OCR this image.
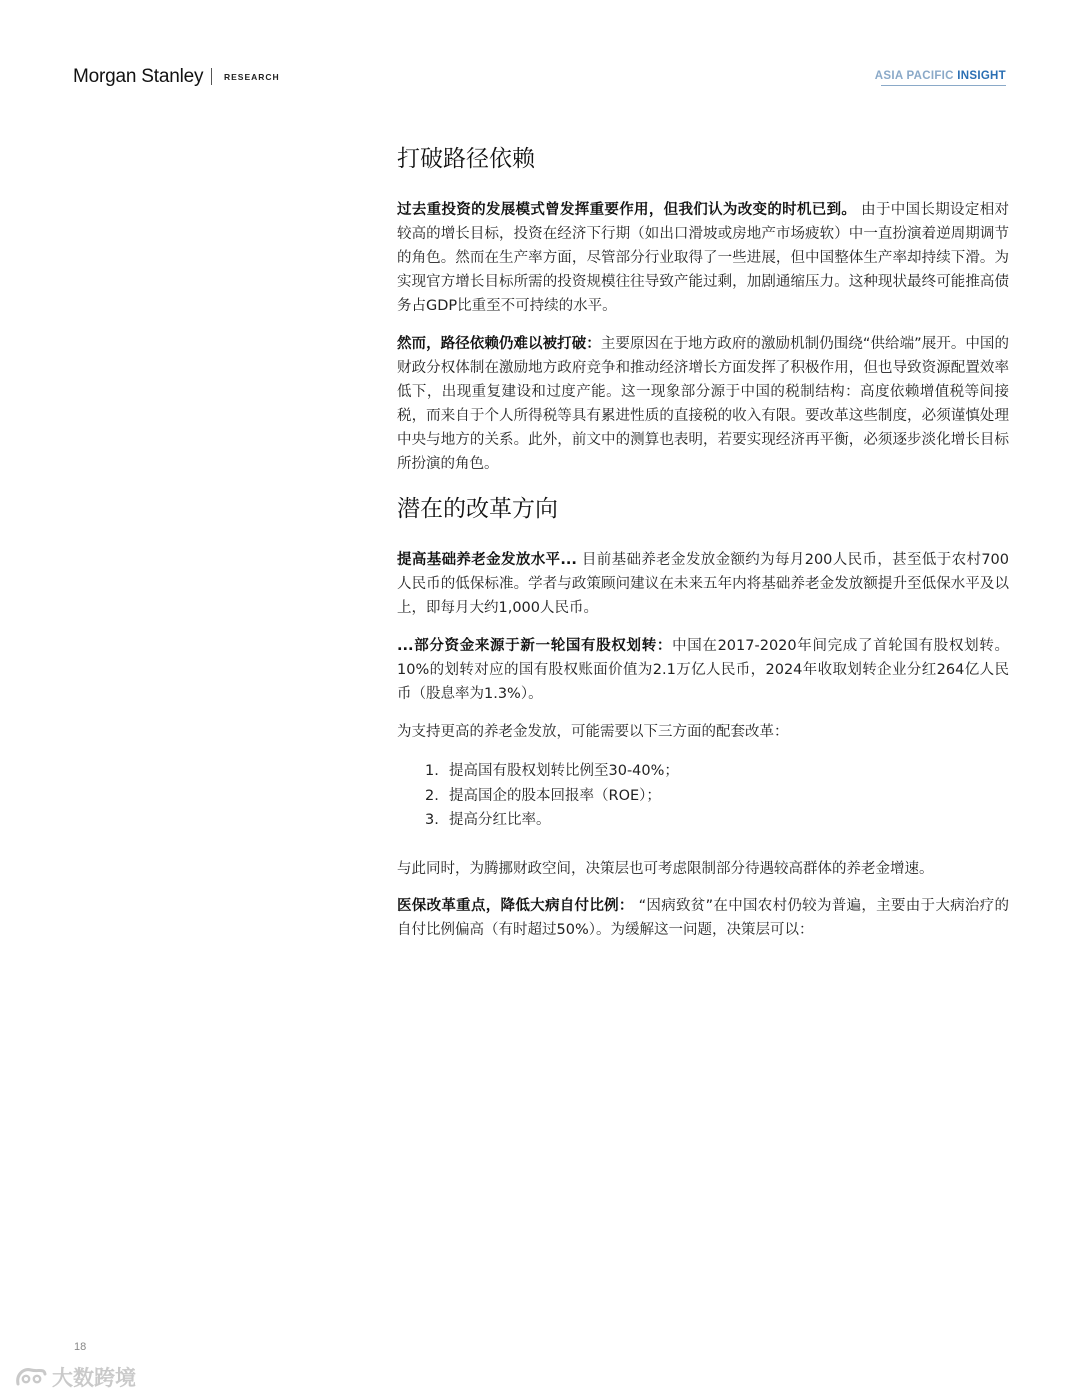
Morgan Stanley RESEARCH	ASIA PACIFIC INSIGHT
打破路径依赖
过去重投资的发展模式曾发挥重要作用，但我们认为改变的时机已到。 由于中国长期设定相对较高的增长目标，投资在经济下行期（如出口滑坡或房地产市场疲软）中一直扮演着逆周期调节的角色。然而在生产率方面，尽管部分行业取得了一些进展，但中国整体生产率却持续下滑。为实现官方增长目标所需的投资规模往往导致产能过剩，加剧通缩压力。这种现状最终可能推高债务占GDP比重至不可持续的水平。
然而，路径依赖仍难以被打破：主要原因在于地方政府的激励机制仍围绕“供给端”展开。中国的财政分权体制在激励地方政府竞争和推动经济增长方面发挥了积极作用，但也导致资源配置效率低下，出现重复建设和过度产能。这一现象部分源于中国的税制结构：高度依赖增值税等间接税，而来自于个人所得税等具有累进性质的直接税的收入有限。要改革这些制度，必须谨慎处理中央与地方的关系。此外，前文中的测算也表明，若要实现经济再平衡，必须逐步淡化增长目标所扮演的角色。
潜在的改革方向
提高基础养老金发放水平... 目前基础养老金发放金额约为每月200人民币，甚至低于农村700人民币的低保标准。学者与政策顾问建议在未来五年内将基础养老金发放额提升至低保水平及以上，即每月大约1,000人民币。
...部分资金来源于新一轮国有股权划转：中国在2017-2020年间完成了首轮国有股权划转。10%的划转对应的国有股权账面价值为2.1万亿人民币，2024年收取划转企业分红264亿人民币（股息率为1.3%）。
为支持更高的养老金发放，可能需要以下三方面的配套改革：
1. 提高国有股权划转比例至30-40%；
2. 提高国企的股本回报率（ROE）；
3. 提高分红比率。
与此同时，为腾挪财政空间，决策层也可考虑限制部分待遇较高群体的养老金增速。
医保改革重点，降低大病自付比例： “因病致贫”在中国农村仍较为普遍，主要由于大病治疗的自付比例偏高（有时超过50%）。为缓解这一问题，决策层可以：
18
大数跨境
